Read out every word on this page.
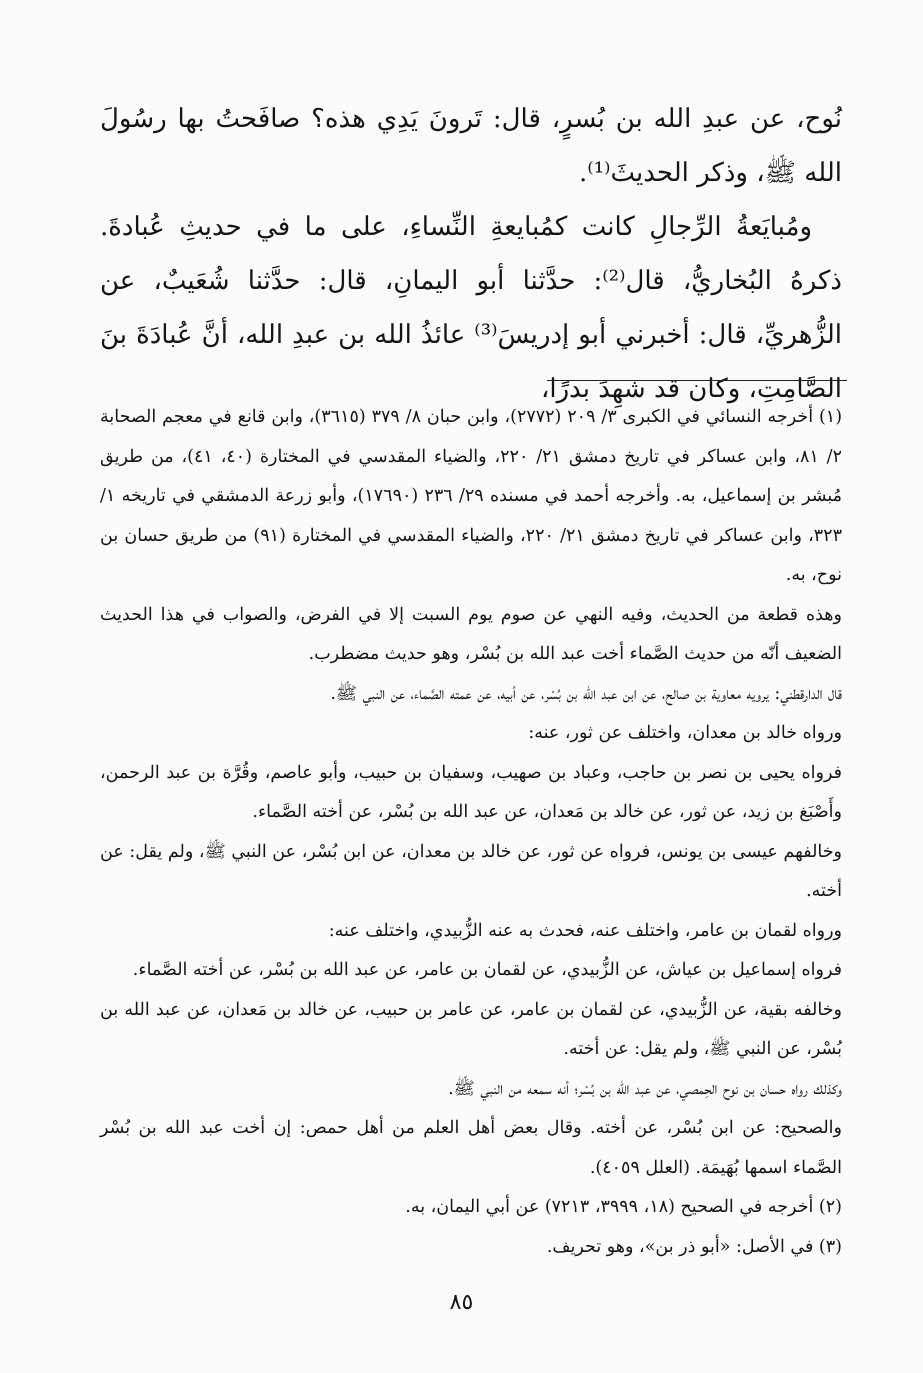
نُوح، عن عبدِ الله بن بُسرٍ، قال: تَرونَ يَدِي هذه؟ صافَحتُ بها رسُولَ الله ﷺ، وذكر الحديثَ⁽¹⁾.

ومُبايَعةُ الرِّجالِ كانت كمُبايعةِ النِّساءِ، على ما في حديثِ عُبادةَ. ذكرهُ البُخاريُّ، قال⁽²⁾: حدَّثنا أبو اليمانِ، قال: حدَّثنا شُعَيبٌ، عن الزُّهريِّ، قال: أخبرني أبو إدريسَ⁽³⁾ عائذُ الله بن عبدِ الله، أنَّ عُبادَةَ بنَ الصَّامِتِ، وكان قد شهِدَ بدرًا،

(١) أخرجه النسائي في الكبرى ٣/ ٢٠٩ (٢٧٧٢)، وابن حبان ٨/ ٣٧٩ (٣٦١٥)، وابن قانع في معجم الصحابة ٢/ ٨١، وابن عساكر في تاريخ دمشق ٢١/ ٢٢٠، والضياء المقدسي في المختارة (٤٠، ٤١)، من طريق مُبشر بن إسماعيل، به. وأخرجه أحمد في مسنده ٢٩/ ٢٣٦ (١٧٦٩٠)، وأبو زرعة الدمشقي في تاريخه ١/ ٣٢٣، وابن عساكر في تاريخ دمشق ٢١/ ٢٢٠، والضياء المقدسي في المختارة (٩١) من طريق حسان بن نوح، به.

وهذه قطعة من الحديث، وفيه النهي عن صوم يوم السبت إلا في الفرض، والصواب في هذا الحديث الضعيف أنّه من حديث الصَّماء أخت عبد الله بن بُسْر، وهو حديث مضطرب.

قال الدارقطني: يرويه معاوية بن صالح، عن ابن عبد الله بن بُسْر، عن أبيه، عن عمته الصَّماء، عن النبي ﷺ.

ورواه خالد بن معدان، واختلف عن ثور، عنه:

فرواه يحيى بن نصر بن حاجب، وعباد بن صهيب، وسفيان بن حبيب، وأبو عاصم، وقُرَّة بن عبد الرحمن، وأَصْبَغ بن زيد، عن ثور، عن خالد بن مَعدان، عن عبد الله بن بُسْر، عن أخته الصَّماء.

وخالفهم عيسى بن يونس، فرواه عن ثور، عن خالد بن معدان، عن ابن بُسْر، عن النبي ﷺ، ولم يقل: عن أخته.

ورواه لقمان بن عامر، واختلف عنه، فحدث به عنه الزُّبيدي، واختلف عنه:

فرواه إسماعيل بن عياش، عن الزُّبيدي، عن لقمان بن عامر، عن عبد الله بن بُسْر، عن أخته الصَّماء.

وخالفه بقية، عن الزُّبيدي، عن لقمان بن عامر، عن عامر بن حبيب، عن خالد بن مَعدان، عن عبد الله بن بُسْر، عن النبي ﷺ، ولم يقل: عن أخته.

وكذلك رواه حسان بن نوح الحِمصي، عن عبد الله بن بُسْر؛ أنه سمعه من النبي ﷺ.

والصحيح: عن ابن بُسْر، عن أخته. وقال بعض أهل العلم من أهل حمص: إن أخت عبد الله بن بُسْر الصَّماء اسمها بُهَيمَة. (العلل ٤٠٥٩).

(٢) أخرجه في الصحيح (١٨، ٣٩٩٩، ٧٢١٣) عن أبي اليمان، به.

(٣) في الأصل: «أبو ذر بن»، وهو تحريف.

٨٥
